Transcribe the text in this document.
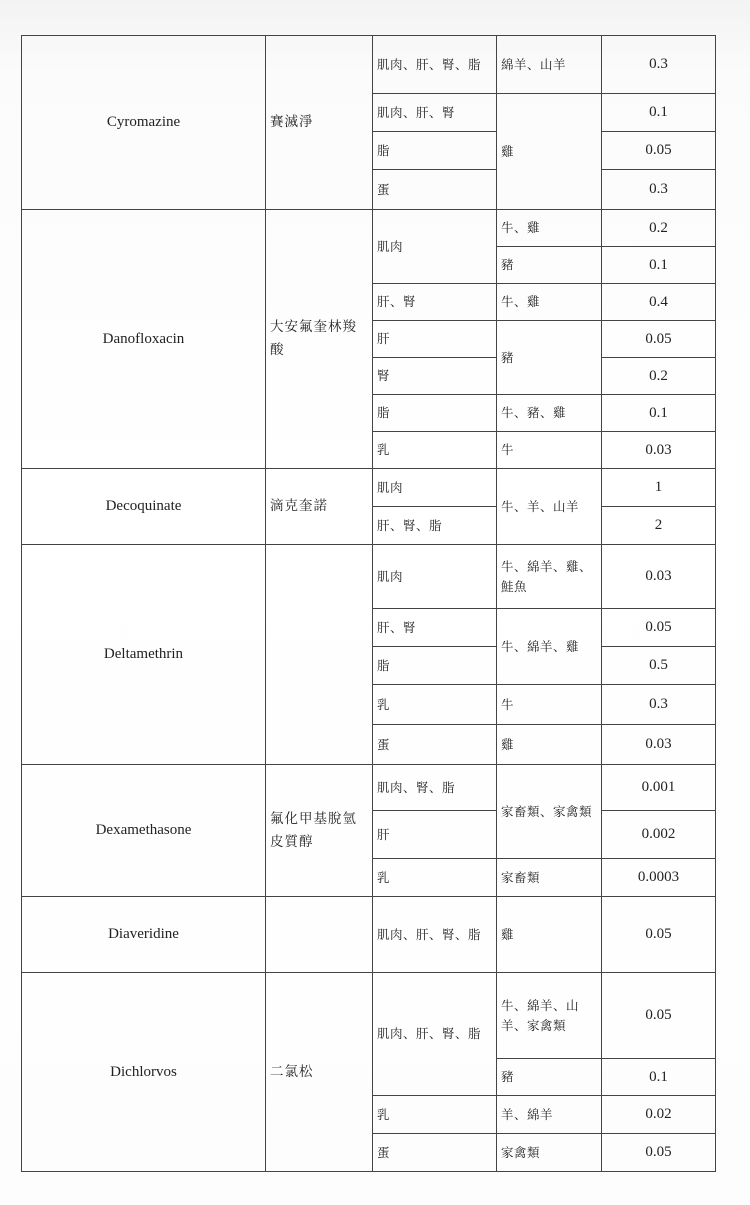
Cyromazine	賽滅淨	肌肉、肝、腎、脂	綿羊、山羊	0.3
		肌肉、肝、腎	雞	0.1
		脂		0.05
		蛋		0.3
Danofloxacin	大安氟奎林羧酸	肌肉	牛、雞	0.2
			豬	0.1
		肝、腎	牛、雞	0.4
		肝	豬	0.05
		腎		0.2
		脂	牛、豬、雞	0.1
		乳	牛	0.03
Decoquinate	滴克奎諾	肌肉	牛、羊、山羊	1
		肝、腎、脂		2
Deltamethrin		肌肉	牛、綿羊、雞、鮭魚	0.03
		肝、腎	牛、綿羊、雞	0.05
		脂		0.5
		乳	牛	0.3
		蛋	雞	0.03
Dexamethasone	氟化甲基脫氫皮質醇	肌肉、腎、脂	家畜類、家禽類	0.001
		肝		0.002
		乳	家畜類	0.0003
Diaveridine		肌肉、肝、腎、脂	雞	0.05
Dichlorvos	二氯松	肌肉、肝、腎、脂	牛、綿羊、山羊、家禽類	0.05
			豬	0.1
		乳	羊、綿羊	0.02
		蛋	家禽類	0.05
